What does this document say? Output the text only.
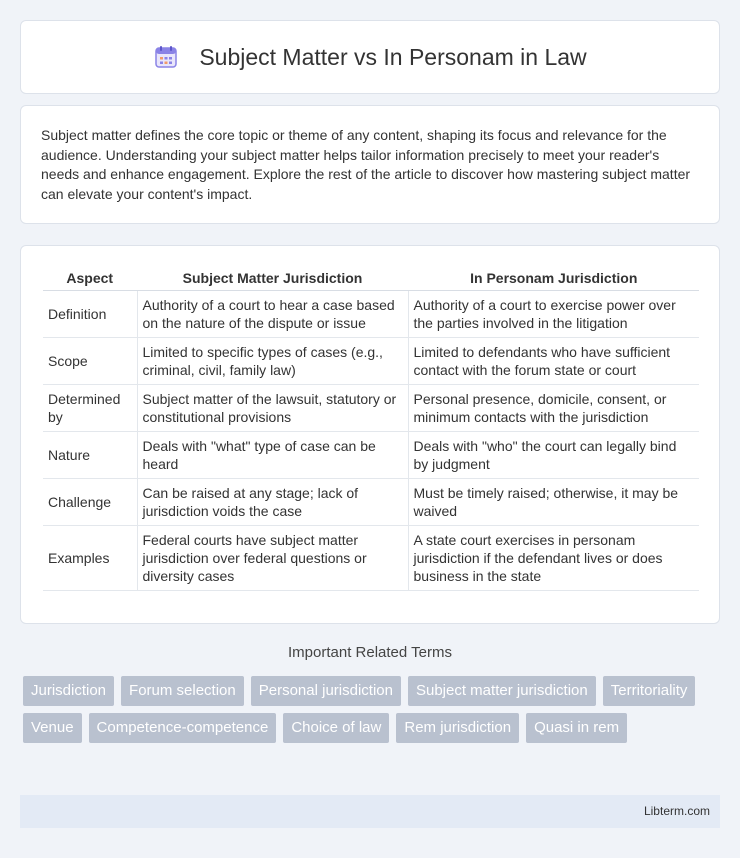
Subject Matter vs In Personam in Law

Subject matter defines the core topic or theme of any content, shaping its focus and relevance for the audience. Understanding your subject matter helps tailor information precisely to meet your reader's needs and enhance engagement. Explore the rest of the article to discover how mastering subject matter can elevate your content's impact.

Aspect	Subject Matter Jurisdiction	In Personam Jurisdiction
Definition	Authority of a court to hear a case based on the nature of the dispute or issue	Authority of a court to exercise power over the parties involved in the litigation
Scope	Limited to specific types of cases (e.g., criminal, civil, family law)	Limited to defendants who have sufficient contact with the forum state or court
Determined by	Subject matter of the lawsuit, statutory or constitutional provisions	Personal presence, domicile, consent, or minimum contacts with the jurisdiction
Nature	Deals with "what" type of case can be heard	Deals with "who" the court can legally bind by judgment
Challenge	Can be raised at any stage; lack of jurisdiction voids the case	Must be timely raised; otherwise, it may be waived
Examples	Federal courts have subject matter jurisdiction over federal questions or diversity cases	A state court exercises in personam jurisdiction if the defendant lives or does business in the state
Important Related Terms
Jurisdiction	Forum selection	Personal jurisdiction	Subject matter jurisdiction	Territoriality
Venue	Competence-competence	Choice of law	Rem jurisdiction	Quasi in rem
Libterm.com
